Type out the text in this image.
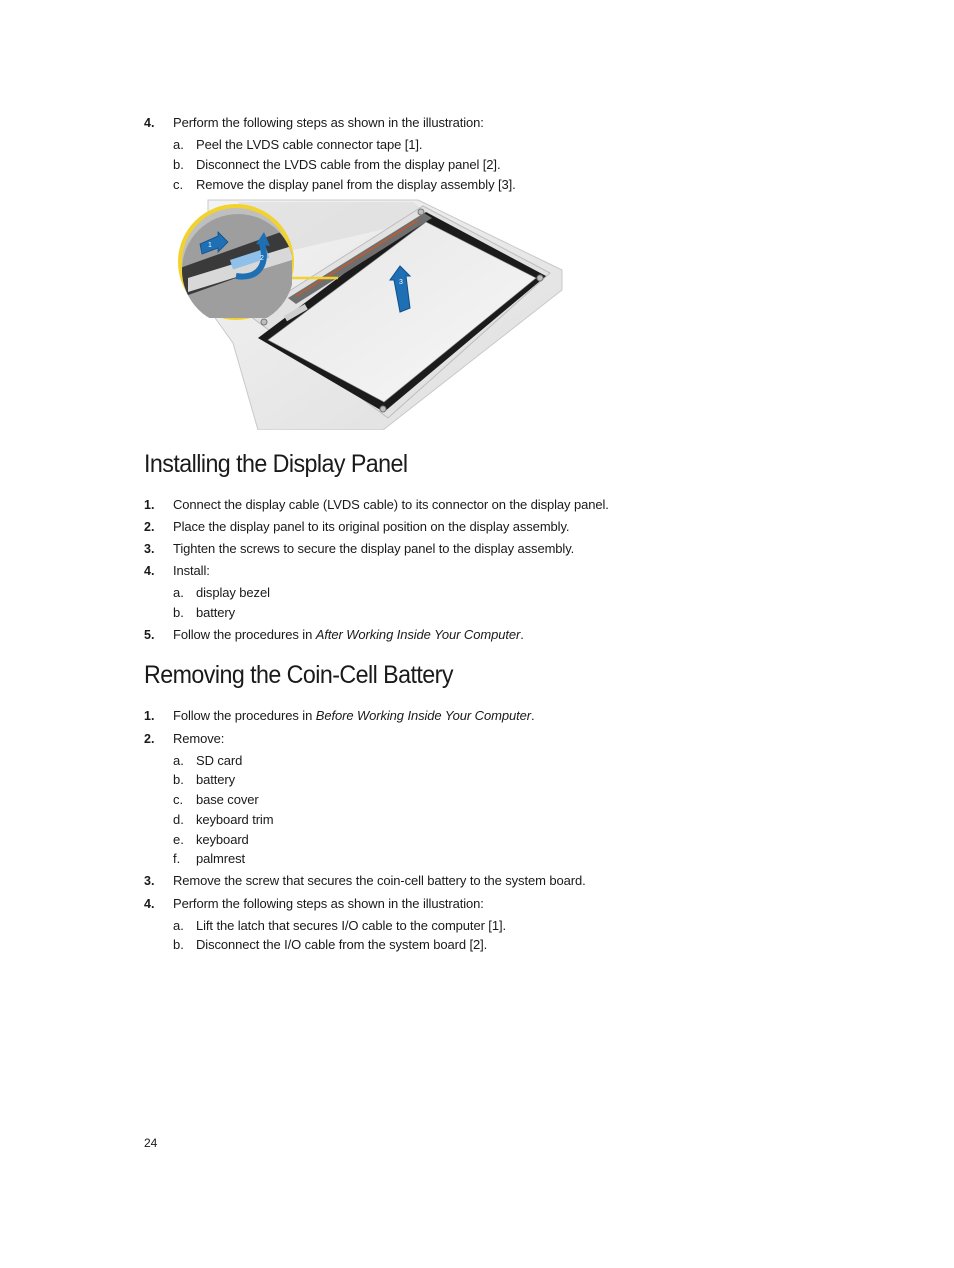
4. Perform the following steps as shown in the illustration:
a. Peel the LVDS cable connector tape [1].
b. Disconnect the LVDS cable from the display panel [2].
c. Remove the display panel from the display assembly [3].
3
1
2
Installing the Display Panel
1. Connect the display cable (LVDS cable) to its connector on the display panel.
2. Place the display panel to its original position on the display assembly.
3. Tighten the screws to secure the display panel to the display assembly.
4. Install:
a. display bezel
b. battery
5. Follow the procedures in After Working Inside Your Computer.
Removing the Coin-Cell Battery
1. Follow the procedures in Before Working Inside Your Computer.
2. Remove:
a. SD card
b. battery
c. base cover
d. keyboard trim
e. keyboard
f. palmrest
3. Remove the screw that secures the coin-cell battery to the system board.
4. Perform the following steps as shown in the illustration:
a. Lift the latch that secures I/O cable to the computer [1].
b. Disconnect the I/O cable from the system board [2].
24
